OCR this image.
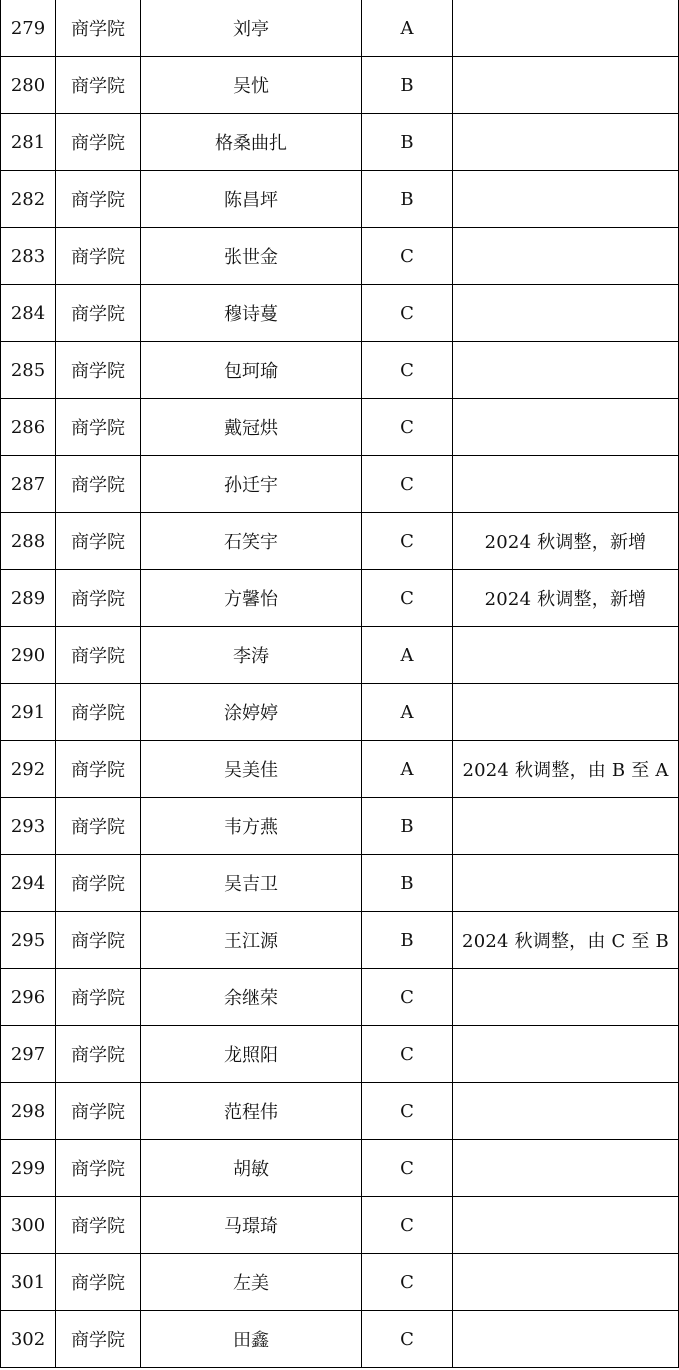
279	商学院	刘亭	A	
280	商学院	吴忧	B	
281	商学院	格桑曲扎	B	
282	商学院	陈昌坪	B	
283	商学院	张世金	C	
284	商学院	穆诗蔓	C	
285	商学院	包珂瑜	C	
286	商学院	戴冠烘	C	
287	商学院	孙迁宇	C	
288	商学院	石笑宇	C	2024 秋调整，新增
289	商学院	方馨怡	C	2024 秋调整，新增
290	商学院	李涛	A	
291	商学院	涂婷婷	A	
292	商学院	吴美佳	A	2024 秋调整，由 B 至 A
293	商学院	韦方燕	B	
294	商学院	吴吉卫	B	
295	商学院	王江源	B	2024 秋调整，由 C 至 B
296	商学院	余继荣	C	
297	商学院	龙照阳	C	
298	商学院	范程伟	C	
299	商学院	胡敏	C	
300	商学院	马璟琦	C	
301	商学院	左美	C	
302	商学院	田鑫	C	
